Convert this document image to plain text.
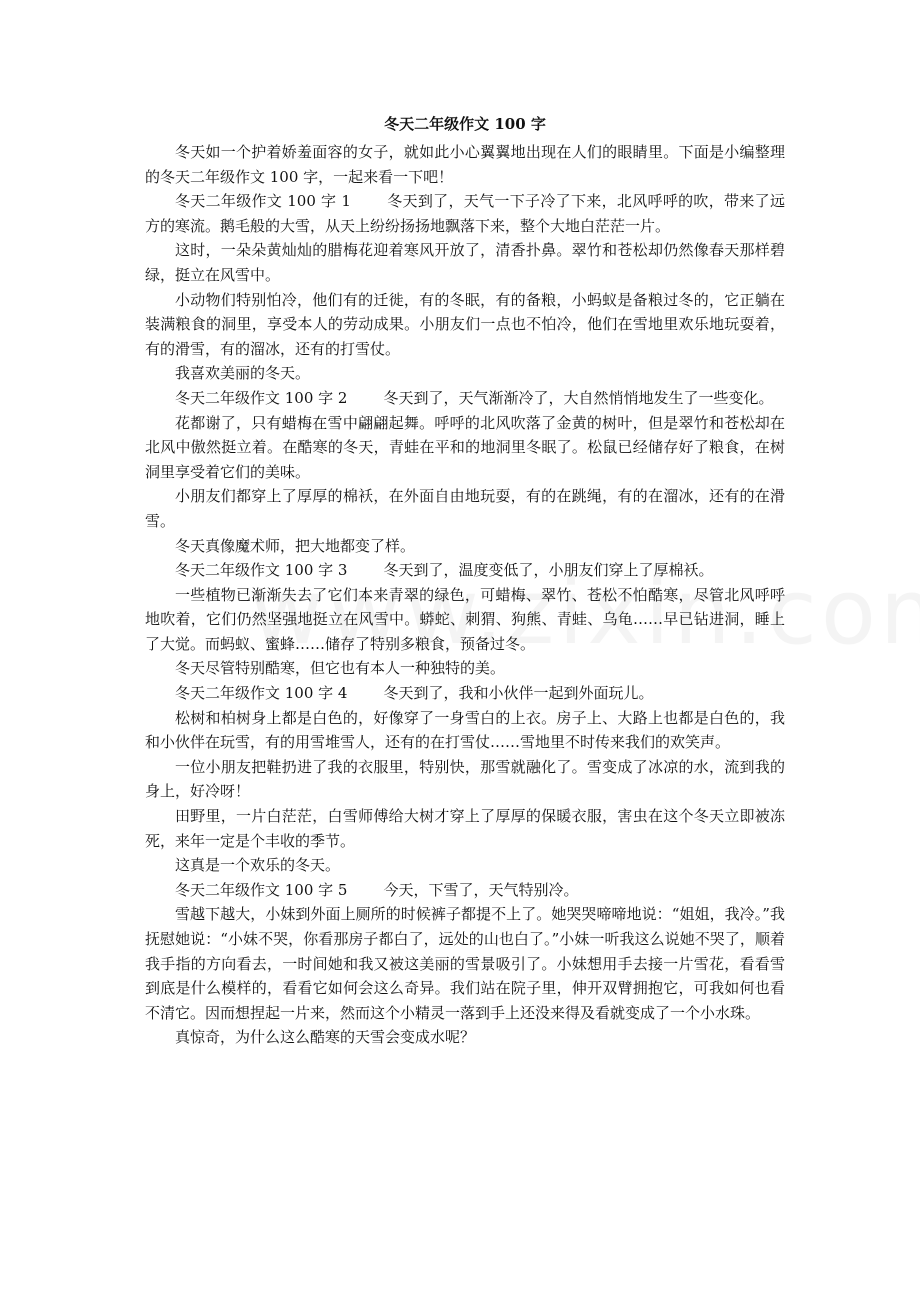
冬天二年级作文 100 字

冬天如一个护着娇羞面容的女子，就如此小心翼翼地出现在人们的眼睛里。下面是小编整理的冬天二年级作文 100 字，一起来看一下吧！

冬天二年级作文 100 字 1 冬天到了，天气一下子冷了下来，北风呼呼的吹，带来了远方的寒流。鹅毛般的大雪，从天上纷纷扬扬地飘落下来，整个大地白茫茫一片。

这时，一朵朵黄灿灿的腊梅花迎着寒风开放了，清香扑鼻。翠竹和苍松却仍然像春天那样碧绿，挺立在风雪中。

小动物们特别怕冷，他们有的迁徙，有的冬眠，有的备粮，小蚂蚁是备粮过冬的，它正躺在装满粮食的洞里，享受本人的劳动成果。小朋友们一点也不怕冷，他们在雪地里欢乐地玩耍着，有的滑雪，有的溜冰，还有的打雪仗。

我喜欢美丽的冬天。

冬天二年级作文 100 字 2 冬天到了，天气渐渐冷了，大自然悄悄地发生了一些变化。

花都谢了，只有蜡梅在雪中翩翩起舞。呼呼的北风吹落了金黄的树叶，但是翠竹和苍松却在北风中傲然挺立着。在酷寒的冬天，青蛙在平和的地洞里冬眠了。松鼠已经储存好了粮食，在树洞里享受着它们的美味。

小朋友们都穿上了厚厚的棉袄，在外面自由地玩耍，有的在跳绳，有的在溜冰，还有的在滑雪。

冬天真像魔术师，把大地都变了样。

冬天二年级作文 100 字 3 冬天到了，温度变低了，小朋友们穿上了厚棉袄。

一些植物已渐渐失去了它们本来青翠的绿色，可蜡梅、翠竹、苍松不怕酷寒，尽管北风呼呼地吹着，它们仍然坚强地挺立在风雪中。蟒蛇、刺猬、狗熊、青蛙、乌龟……早已钻进洞，睡上了大觉。而蚂蚁、蜜蜂……储存了特别多粮食，预备过冬。

冬天尽管特别酷寒，但它也有本人一种独特的美。

冬天二年级作文 100 字 4 冬天到了，我和小伙伴一起到外面玩儿。

松树和柏树身上都是白色的，好像穿了一身雪白的上衣。房子上、大路上也都是白色的，我和小伙伴在玩雪，有的用雪堆雪人，还有的在打雪仗……雪地里不时传来我们的欢笑声。

一位小朋友把鞋扔进了我的衣服里，特别快，那雪就融化了。雪变成了冰凉的水，流到我的身上，好冷呀！

田野里，一片白茫茫，白雪师傅给大树才穿上了厚厚的保暖衣服，害虫在这个冬天立即被冻死，来年一定是个丰收的季节。

这真是一个欢乐的冬天。

冬天二年级作文 100 字 5 今天，下雪了，天气特别冷。

雪越下越大，小妹到外面上厕所的时候裤子都提不上了。她哭哭啼啼地说：“姐姐，我冷。”我抚慰她说：“小妹不哭，你看那房子都白了，远处的山也白了。”小妹一听我这么说她不哭了，顺着我手指的方向看去，一时间她和我又被这美丽的雪景吸引了。小妹想用手去接一片雪花，看看雪到底是什么模样的，看看它如何会这么奇异。我们站在院子里，伸开双臂拥抱它，可我如何也看不清它。因而想捏起一片来，然而这个小精灵一落到手上还没来得及看就变成了一个小水珠。

真惊奇，为什么这么酷寒的天雪会变成水呢？
